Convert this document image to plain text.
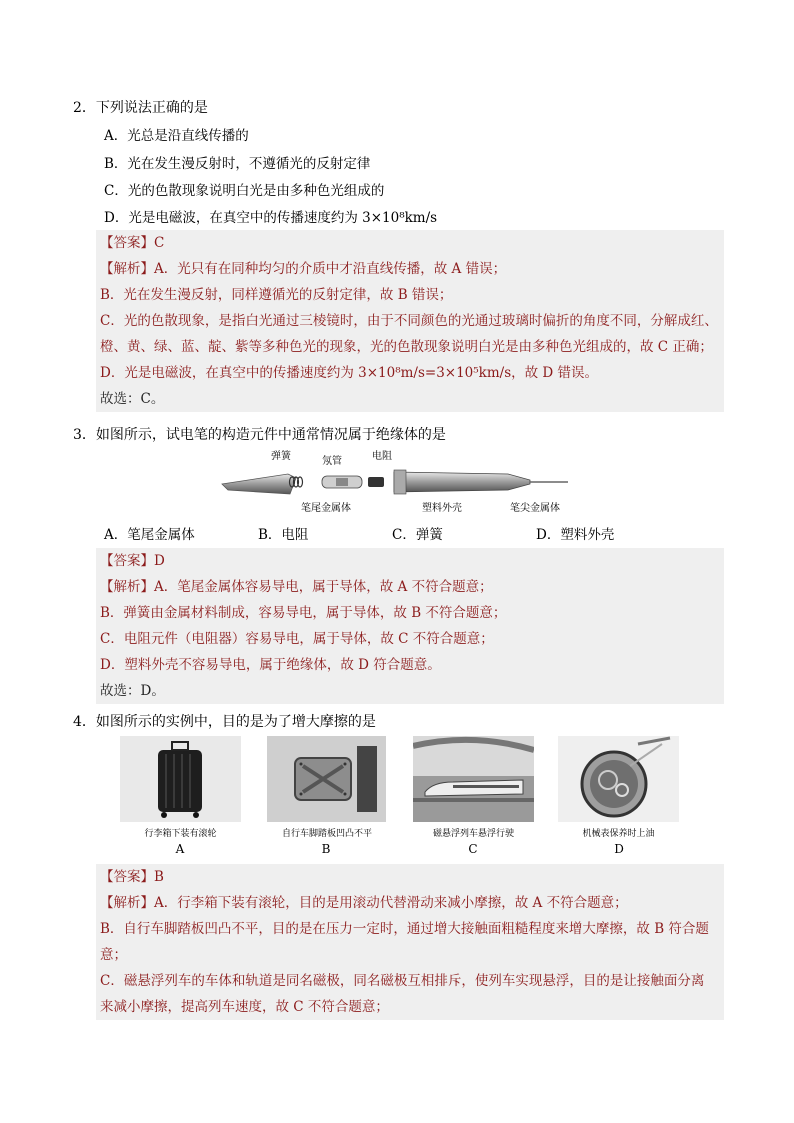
2．下列说法正确的是
A．光总是沿直线传播的
B．光在发生漫反射时，不遵循光的反射定律
C．光的色散现象说明白光是由多种色光组成的
D．光是电磁波，在真空中的传播速度约为 3×10⁸km/s
【答案】C
【解析】A．光只有在同种均匀的介质中才沿直线传播，故 A 错误；
B．光在发生漫反射，同样遵循光的反射定律，故 B 错误；
C．光的色散现象，是指白光通过三棱镜时，由于不同颜色的光通过玻璃时偏折的角度不同，分解成红、
橙、黄、绿、蓝、靛、紫等多种色光的现象，光的色散现象说明白光是由多种色光组成的，故 C 正确；
D．光是电磁波，在真空中的传播速度约为 3×10⁸m/s=3×10⁵km/s，故 D 错误。
故选：C。
3．如图所示，试电笔的构造元件中通常情况属于绝缘体的是
弹簧	氖管	电阻
笔尾金属体	塑料外壳	笔尖金属体
A．笔尾金属体	B．电阻	C．弹簧	D．塑料外壳
【答案】D
【解析】A．笔尾金属体容易导电，属于导体，故 A 不符合题意；
B．弹簧由金属材料制成，容易导电，属于导体，故 B 不符合题意；
C．电阻元件（电阻器）容易导电，属于导体，故 C 不符合题意；
D．塑料外壳不容易导电，属于绝缘体，故 D 符合题意。
故选：D。
4．如图所示的实例中，目的是为了增大摩擦的是
行李箱下装有滚轮
A
自行车脚踏板凹凸不平
B
磁悬浮列车悬浮行驶
C
机械表保养时上油
D
【答案】B
【解析】A．行李箱下装有滚轮，目的是用滚动代替滑动来减小摩擦，故 A 不符合题意；
B．自行车脚踏板凹凸不平，目的是在压力一定时，通过增大接触面粗糙程度来增大摩擦，故 B 符合题
意；
C．磁悬浮列车的车体和轨道是同名磁极，同名磁极互相排斥，使列车实现悬浮，目的是让接触面分离
来减小摩擦，提高列车速度，故 C 不符合题意；
